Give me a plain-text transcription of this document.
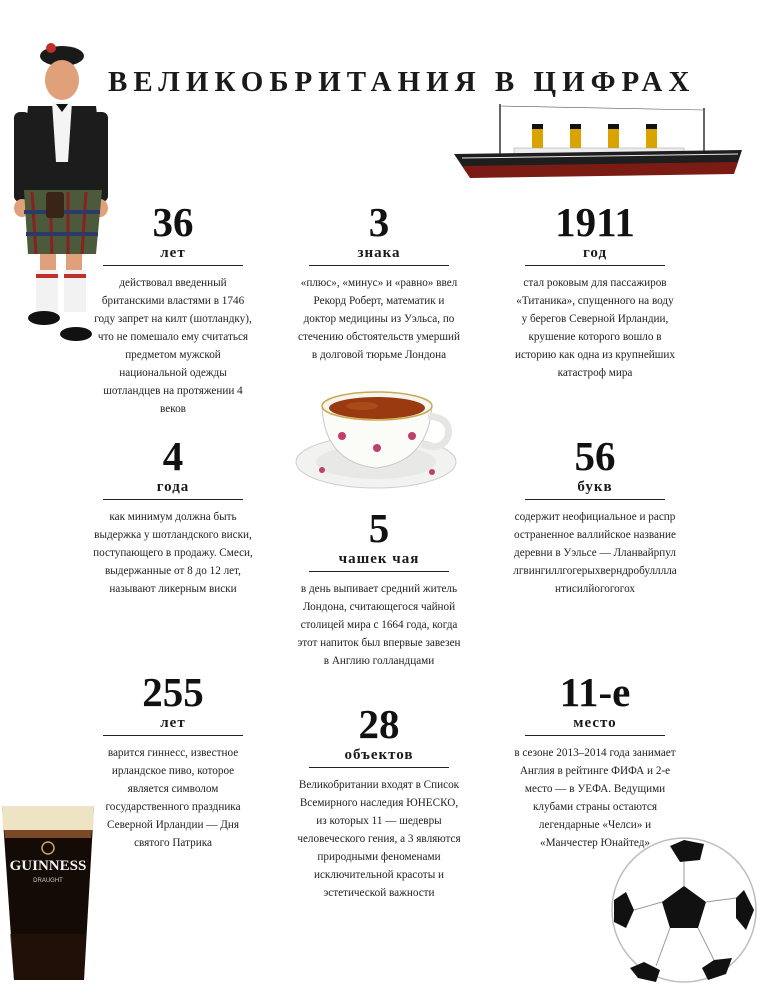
ВЕЛИКОБРИТАНИЯ В ЦИФРАХ
GUINNESS
DRAUGHT
36
лет
действовал введенный британскими властями в 1746 году запрет на килт (шотландку), что не помешало ему считаться предметом мужской национальной одежды шотландцев на протяжении 4 веков
3
знака
«плюс», «минус» и «равно» ввел Рекорд Роберт, математик и доктор медицины из Уэльса, по стечению обстоятельств умерший в долговой тюрьме Лондона
1911
год
стал роковым для пассажиров «Титаника», спущенного на воду у берегов Северной Ирландии, крушение которого вошло в историю как одна из крупнейших катастроф мира
4
года
как минимум должна быть выдержка у шотландского виски, поступающего в продажу. Смеси, выдержанные от 8 до 12 лет, называют ликерным виски
5
чашек чая
в день выпивает средний житель Лондона, считающегося чайной столицей мира с 1664 года, когда этот напиток был впервые завезен в Англию голландцами
56
букв
содержит неофициальное и распространенное валлийское название деревни в Уэльсе — Лланвайрпуллгвингиллгогерыхверндробуллллантисилйогогогох
255
лет
варится гиннесс, известное ирландское пиво, которое является символом государственного праздника Северной Ирландии — Дня святого Патрика
28
объектов
Великобритании входят в Список Всемирного наследия ЮНЕСКО, из которых 11 — шедевры человеческого гения, а 3 являются природными феноменами исключительной красоты и эстетической важности
11-е
место
в сезоне 2013–2014 года занимает Англия в рейтинге ФИФА и 2-е место — в УЕФА. Ведущими клубами страны остаются легендарные «Челси» и «Манчестер Юнайтед»
